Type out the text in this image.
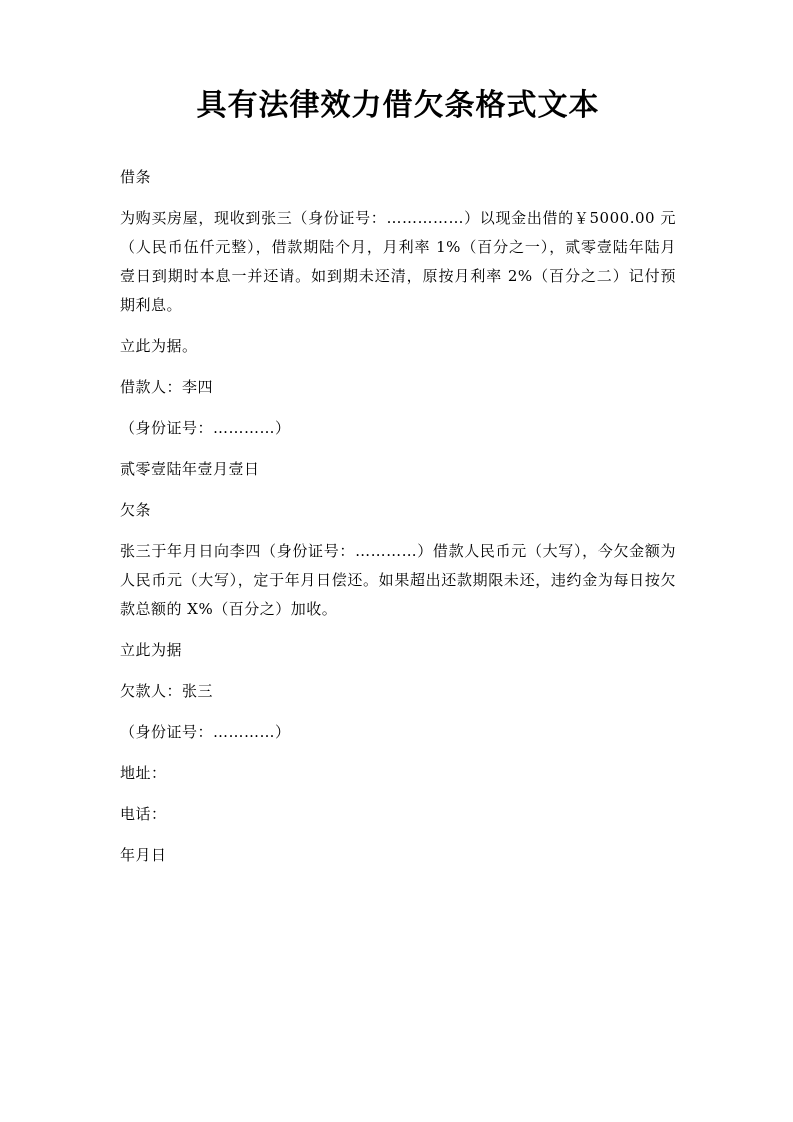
具有法律效力借欠条格式文本

借条

为购买房屋，现收到张三（身份证号：……………）以现金出借的￥5000.00 元（人民币伍仟元整），借款期陆个月，月利率 1%（百分之一），贰零壹陆年陆月壹日到期时本息一并还请。如到期未还清，原按月利率 2%（百分之二）记付预期利息。

立此为据。

借款人：李四

（身份证号：…………）

贰零壹陆年壹月壹日

欠条

张三于年月日向李四（身份证号：…………）借款人民币元（大写），今欠金额为人民币元（大写），定于年月日偿还。如果超出还款期限未还，违约金为每日按欠款总额的 X%（百分之）加收。

立此为据

欠款人：张三

（身份证号：…………）

地址：

电话：

年月日
